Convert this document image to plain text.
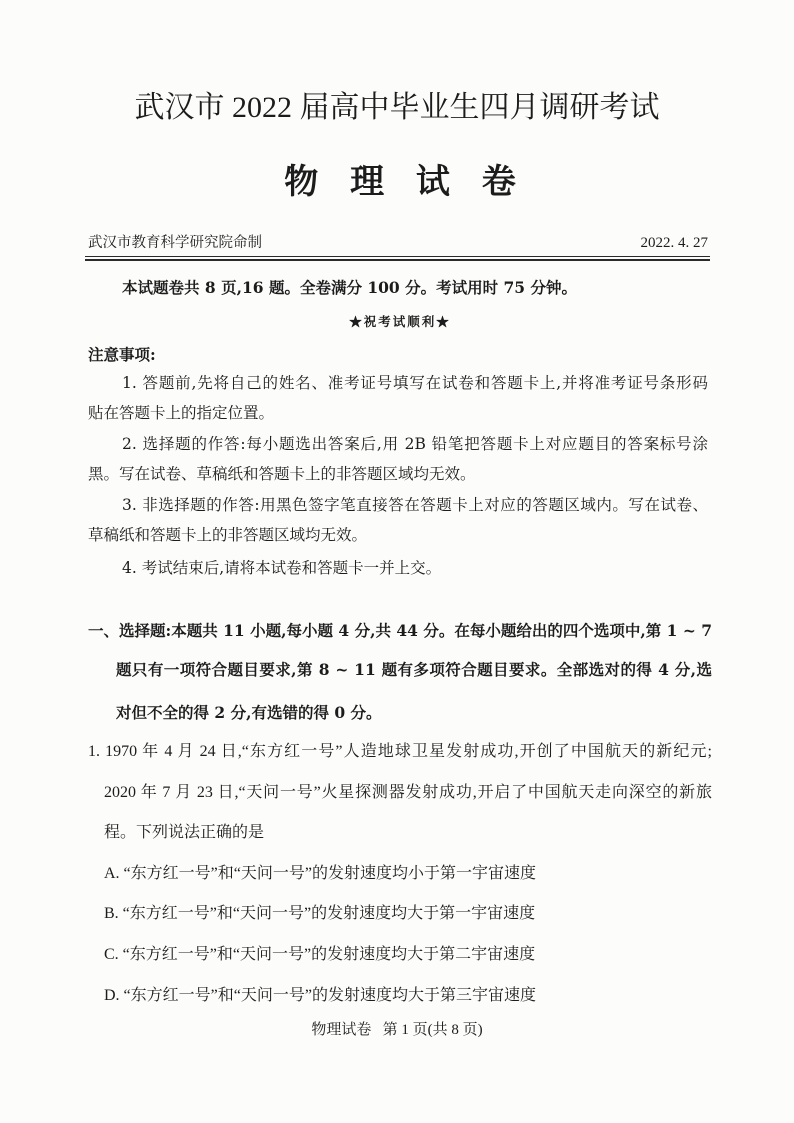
武汉市 2022 届高中毕业生四月调研考试
物 理 试 卷
武汉市教育科学研究院命制	2022. 4. 27
本试题卷共 8 页,16 题。全卷满分 100 分。考试用时 75 分钟。
★祝考试顺利★
注意事项:
1. 答题前,先将自己的姓名、准考证号填写在试卷和答题卡上,并将准考证号条形码
贴在答题卡上的指定位置。
2. 选择题的作答:每小题选出答案后,用 2B 铅笔把答题卡上对应题目的答案标号涂
黑。写在试卷、草稿纸和答题卡上的非答题区域均无效。
3. 非选择题的作答:用黑色签字笔直接答在答题卡上对应的答题区域内。写在试卷、
草稿纸和答题卡上的非答题区域均无效。
4. 考试结束后,请将本试卷和答题卡一并上交。
一、选择题:本题共 11 小题,每小题 4 分,共 44 分。在每小题给出的四个选项中,第 1 ~ 7
题只有一项符合题目要求,第 8 ~ 11 题有多项符合题目要求。全部选对的得 4 分,选
对但不全的得 2 分,有选错的得 0 分。
1. 1970 年 4 月 24 日,“东方红一号”人造地球卫星发射成功,开创了中国航天的新纪元;
2020 年 7 月 23 日,“天问一号”火星探测器发射成功,开启了中国航天走向深空的新旅
程。下列说法正确的是
A. “东方红一号”和“天问一号”的发射速度均小于第一宇宙速度
B. “东方红一号”和“天问一号”的发射速度均大于第一宇宙速度
C. “东方红一号”和“天问一号”的发射速度均大于第二宇宙速度
D. “东方红一号”和“天问一号”的发射速度均大于第三宇宙速度
物理试卷   第 1 页(共 8 页)
